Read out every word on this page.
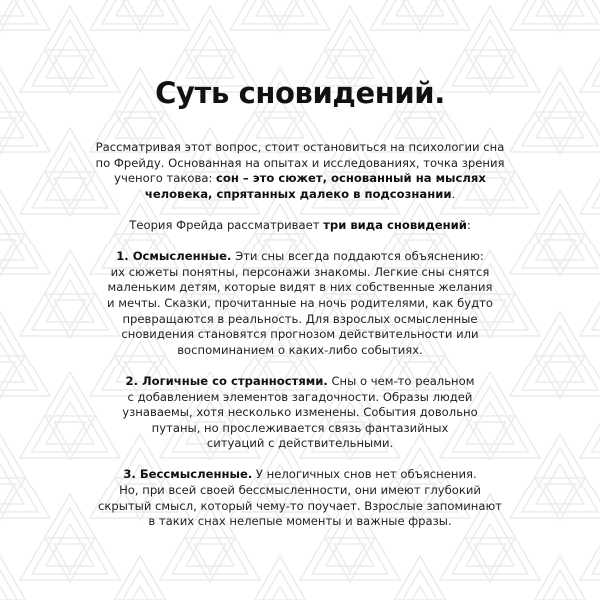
Суть сновидений.

Рассматривая этот вопрос, стоит остановиться на психологии сна
по Фрейду. Основанная на опытах и исследованиях, точка зрения
ученого такова: сон – это сюжет, основанный на мыслях
человека, спрятанных далеко в подсознании.

Теория Фрейда рассматривает три вида сновидений:

1. Осмысленные. Эти сны всегда поддаются объяснению:
их сюжеты понятны, персонажи знакомы. Легкие сны снятся
маленьким детям, которые видят в них собственные желания
и мечты. Сказки, прочитанные на ночь родителями, как будто
превращаются в реальность. Для взрослых осмысленные
сновидения становятся прогнозом действительности или
воспоминанием о каких-либо событиях.

2. Логичные со странностями. Сны о чем-то реальном
с добавлением элементов загадочности. Образы людей
узнаваемы, хотя несколько изменены. События довольно
путаны, но прослеживается связь фантазийных
ситуаций с действительными.

3. Бессмысленные. У нелогичных снов нет объяснения.
Но, при всей своей бессмысленности, они имеют глубокий
скрытый смысл, который чему-то поучает. Взрослые запоминают
в таких снах нелепые моменты и важные фразы.
